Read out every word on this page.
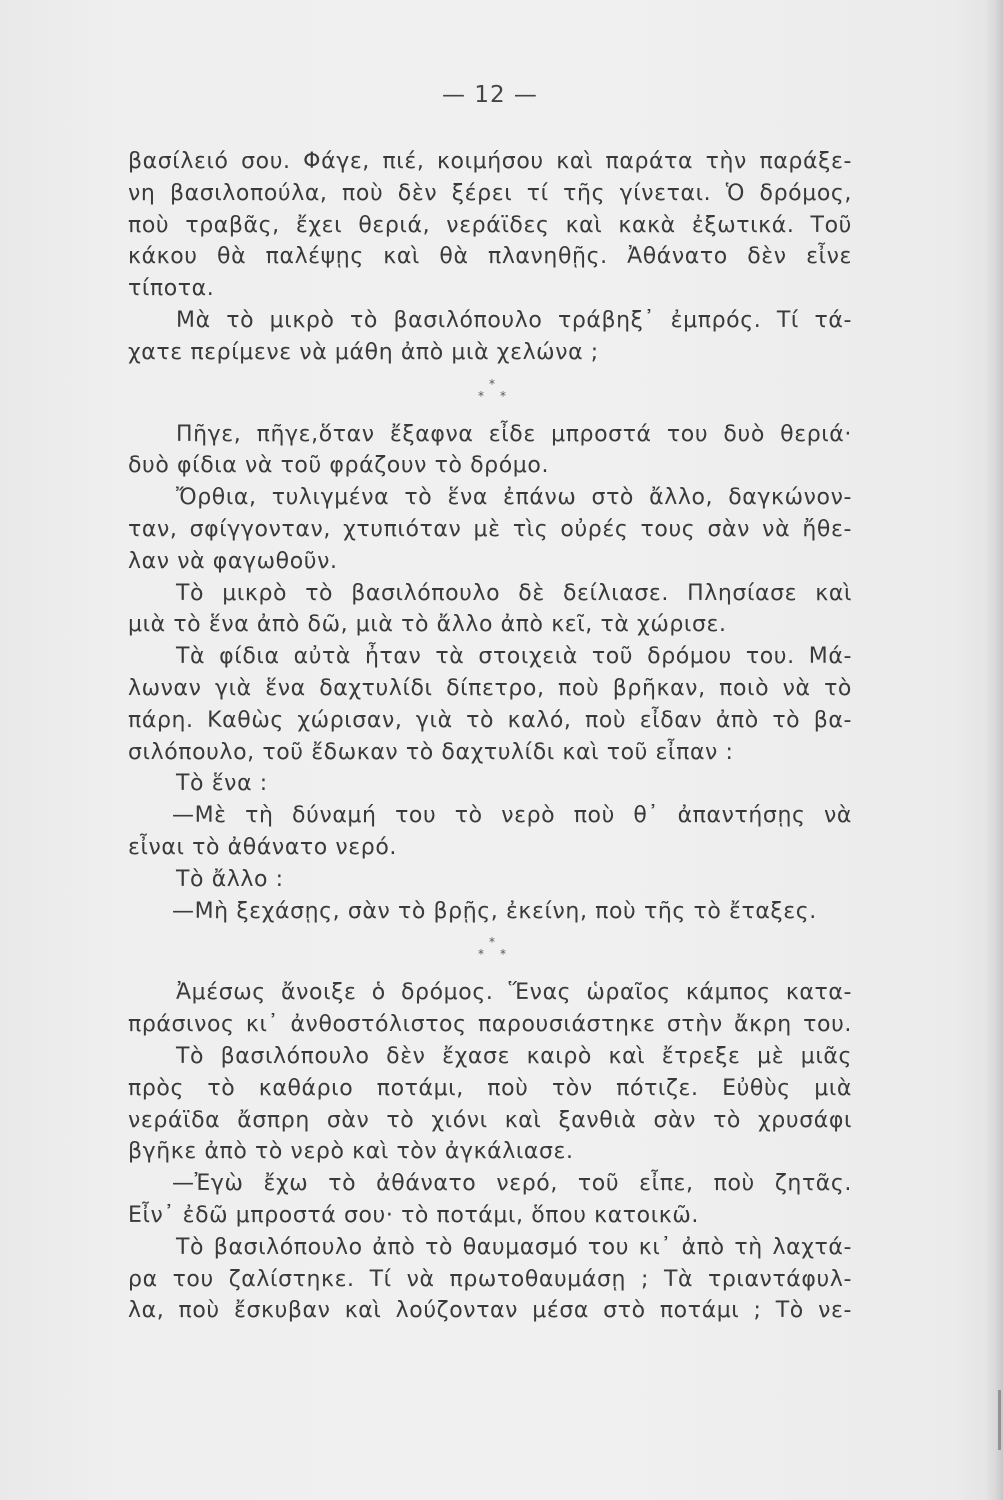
— 12 —
βασίλειό σου. Φάγε, πιέ, κοιμήσου καὶ παράτα τὴν παράξε-
νη βασιλοπούλα, ποὺ δὲν ξέρει τί τῆς γίνεται. Ὁ δρόμος,
ποὺ τραβᾶς, ἔχει θεριά, νεράϊδες καὶ κακὰ ἐξωτικά. Τοῦ
κάκου θὰ παλέψῃς καὶ θὰ πλανηθῇς. Ἀθάνατο δὲν εἶνε
τίποτα.
Μὰ τὸ μικρὸ τὸ βασιλόπουλο τράβηξ᾽ ἐμπρός. Τί τά-
χατε περίμενε νὰ μάθη ἀπὸ μιὰ χελώνα ;
*
* *
Πῆγε, πῆγε,ὅταν ἔξαφνα εἶδε μπροστά του δυὸ θεριά·
δυὸ φίδια νὰ τοῦ φράζουν τὸ δρόμο.
Ὄρθια, τυλιγμένα τὸ ἕνα ἐπάνω στὸ ἄλλο, δαγκώνον-
ταν, σφίγγονταν, χτυπιόταν μὲ τὶς οὐρές τους σὰν νὰ ἤθε-
λαν νὰ φαγωθοῦν.
Τὸ μικρὸ τὸ βασιλόπουλο δὲ δείλιασε. Πλησίασε καὶ
μιὰ τὸ ἕνα ἀπὸ δῶ, μιὰ τὸ ἄλλο ἀπὸ κεῖ, τὰ χώρισε.
Τὰ φίδια αὐτὰ ἦταν τὰ στοιχειὰ τοῦ δρόμου του. Μά-
λωναν γιὰ ἕνα δαχτυλίδι δίπετρο, ποὺ βρῆκαν, ποιὸ νὰ τὸ
πάρη. Καθὼς χώρισαν, γιὰ τὸ καλό, ποὺ εἶδαν ἀπὸ τὸ βα-
σιλόπουλο, τοῦ ἔδωκαν τὸ δαχτυλίδι καὶ τοῦ εἶπαν :
Τὸ ἕνα :
—Μὲ τὴ δύναμή του τὸ νερὸ ποὺ θ᾽ ἀπαντήσῃς νὰ
εἶναι τὸ ἀθάνατο νερό.
Τὸ ἄλλο :
—Μὴ ξεχάσῃς, σὰν τὸ βρῇς, ἐκείνη, ποὺ τῆς τὸ ἔταξες.
*
* *
Ἀμέσως ἄνοιξε ὁ δρόμος. Ἕνας ὡραῖος κάμπος κατα-
πράσινος κι᾽ ἀνθοστόλιστος παρουσιάστηκε στὴν ἄκρη του.
Τὸ βασιλόπουλο δὲν ἔχασε καιρὸ καὶ ἔτρεξε μὲ μιᾶς
πρὸς τὸ καθάριο ποτάμι, ποὺ τὸν πότιζε. Εὐθὺς μιὰ
νεράϊδα ἄσπρη σὰν τὸ χιόνι καὶ ξανθιὰ σὰν τὸ χρυσάφι
βγῆκε ἀπὸ τὸ νερὸ καὶ τὸν ἀγκάλιασε.
—Ἐγὼ ἔχω τὸ ἀθάνατο νερό, τοῦ εἶπε, ποὺ ζητᾶς.
Εἶν᾽ ἐδῶ μπροστά σου· τὸ ποτάμι, ὅπου κατοικῶ.
Τὸ βασιλόπουλο ἀπὸ τὸ θαυμασμό του κι᾽ ἀπὸ τὴ λαχτά-
ρα του ζαλίστηκε. Τί νὰ πρωτοθαυμάσῃ ; Τὰ τριαντάφυλ-
λα, ποὺ ἔσκυβαν καὶ λούζονταν μέσα στὸ ποτάμι ; Τὸ νε-
